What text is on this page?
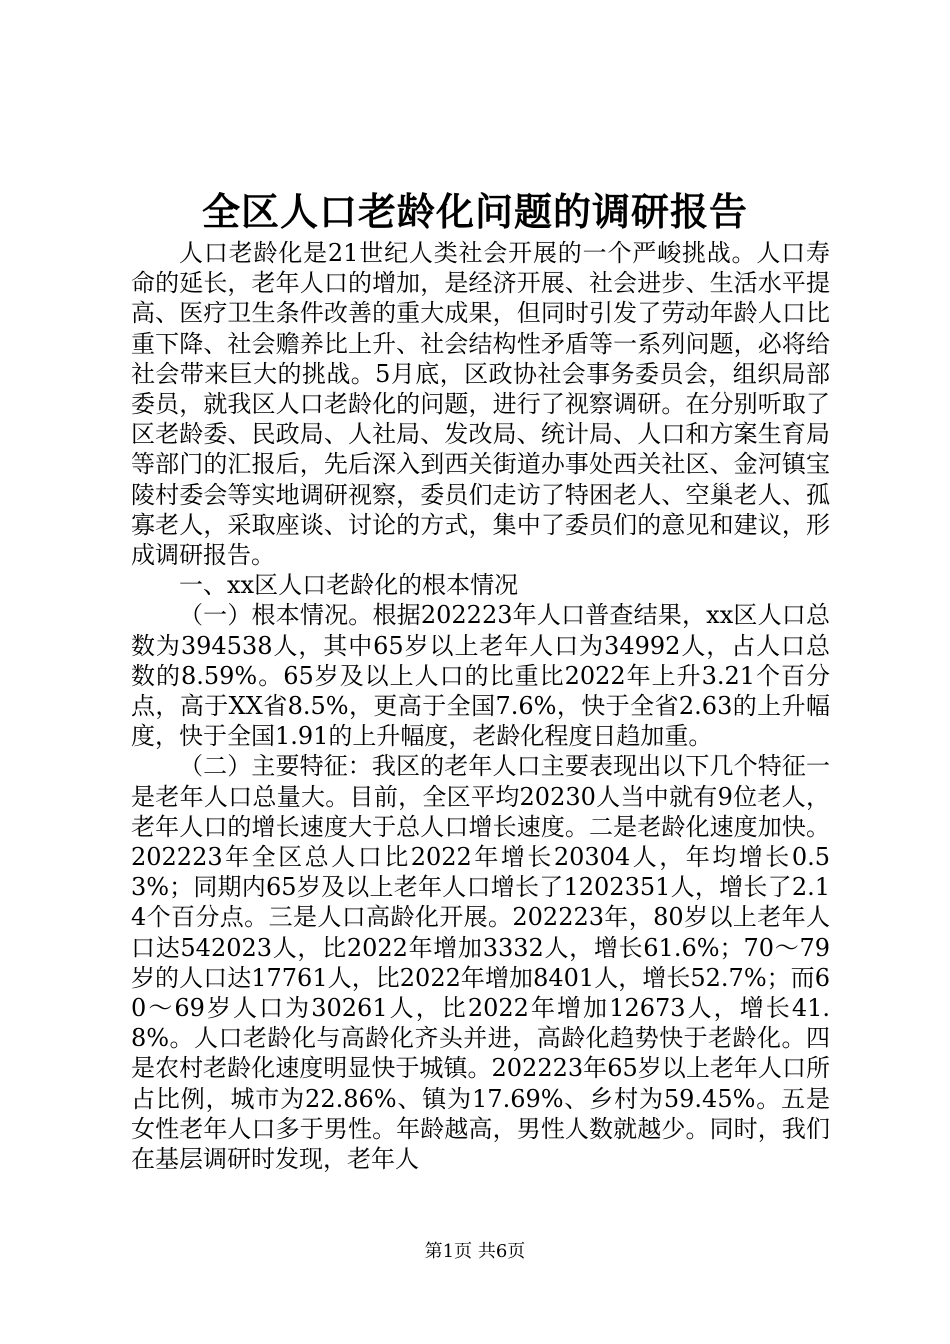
全区人口老龄化问题的调研报告

人口老龄化是21世纪人类社会开展的一个严峻挑战。人口寿命的延长，老年人口的增加，是经济开展、社会进步、生活水平提高、医疗卫生条件改善的重大成果，但同时引发了劳动年龄人口比重下降、社会赡养比上升、社会结构性矛盾等一系列问题，必将给社会带来巨大的挑战。5月底，区政协社会事务委员会，组织局部委员，就我区人口老龄化的问题，进行了视察调研。在分别听取了区老龄委、民政局、人社局、发改局、统计局、人口和方案生育局等部门的汇报后，先后深入到西关街道办事处西关社区、金河镇宝陵村委会等实地调研视察，委员们走访了特困老人、空巢老人、孤寡老人，采取座谈、讨论的方式，集中了委员们的意见和建议，形成调研报告。

一、xx区人口老龄化的根本情况

（一）根本情况。根据202223年人口普查结果，xx区人口总数为394538人，其中65岁以上老年人口为34992人，占人口总数的8.59%。65岁及以上人口的比重比2022年上升3.21个百分点，高于XX省8.5%，更高于全国7.6%，快于全省2.63的上升幅度，快于全国1.91的上升幅度，老龄化程度日趋加重。

（二）主要特征：我区的老年人口主要表现出以下几个特征一是老年人口总量大。目前，全区平均20230人当中就有9位老人，老年人口的增长速度大于总人口增长速度。二是老龄化速度加快。202223年全区总人口比2022年增长20304人，年均增长0.53%；同期内65岁及以上老年人口增长了1202351人，增长了2.14个百分点。三是人口高龄化开展。202223年，80岁以上老年人口达542023人，比2022年增加3332人，增长61.6%；70～79岁的人口达17761人，比2022年增加8401人，增长52.7%；而60～69岁人口为30261人，比2022年增加12673人，增长41.8%。人口老龄化与高龄化齐头并进，高龄化趋势快于老龄化。四是农村老龄化速度明显快于城镇。202223年65岁以上老年人口所占比例，城市为22.86%、镇为17.69%、乡村为59.45%。五是女性老年人口多于男性。年龄越高，男性人数就越少。同时，我们在基层调研时发现，老年人

第1页 共6页
